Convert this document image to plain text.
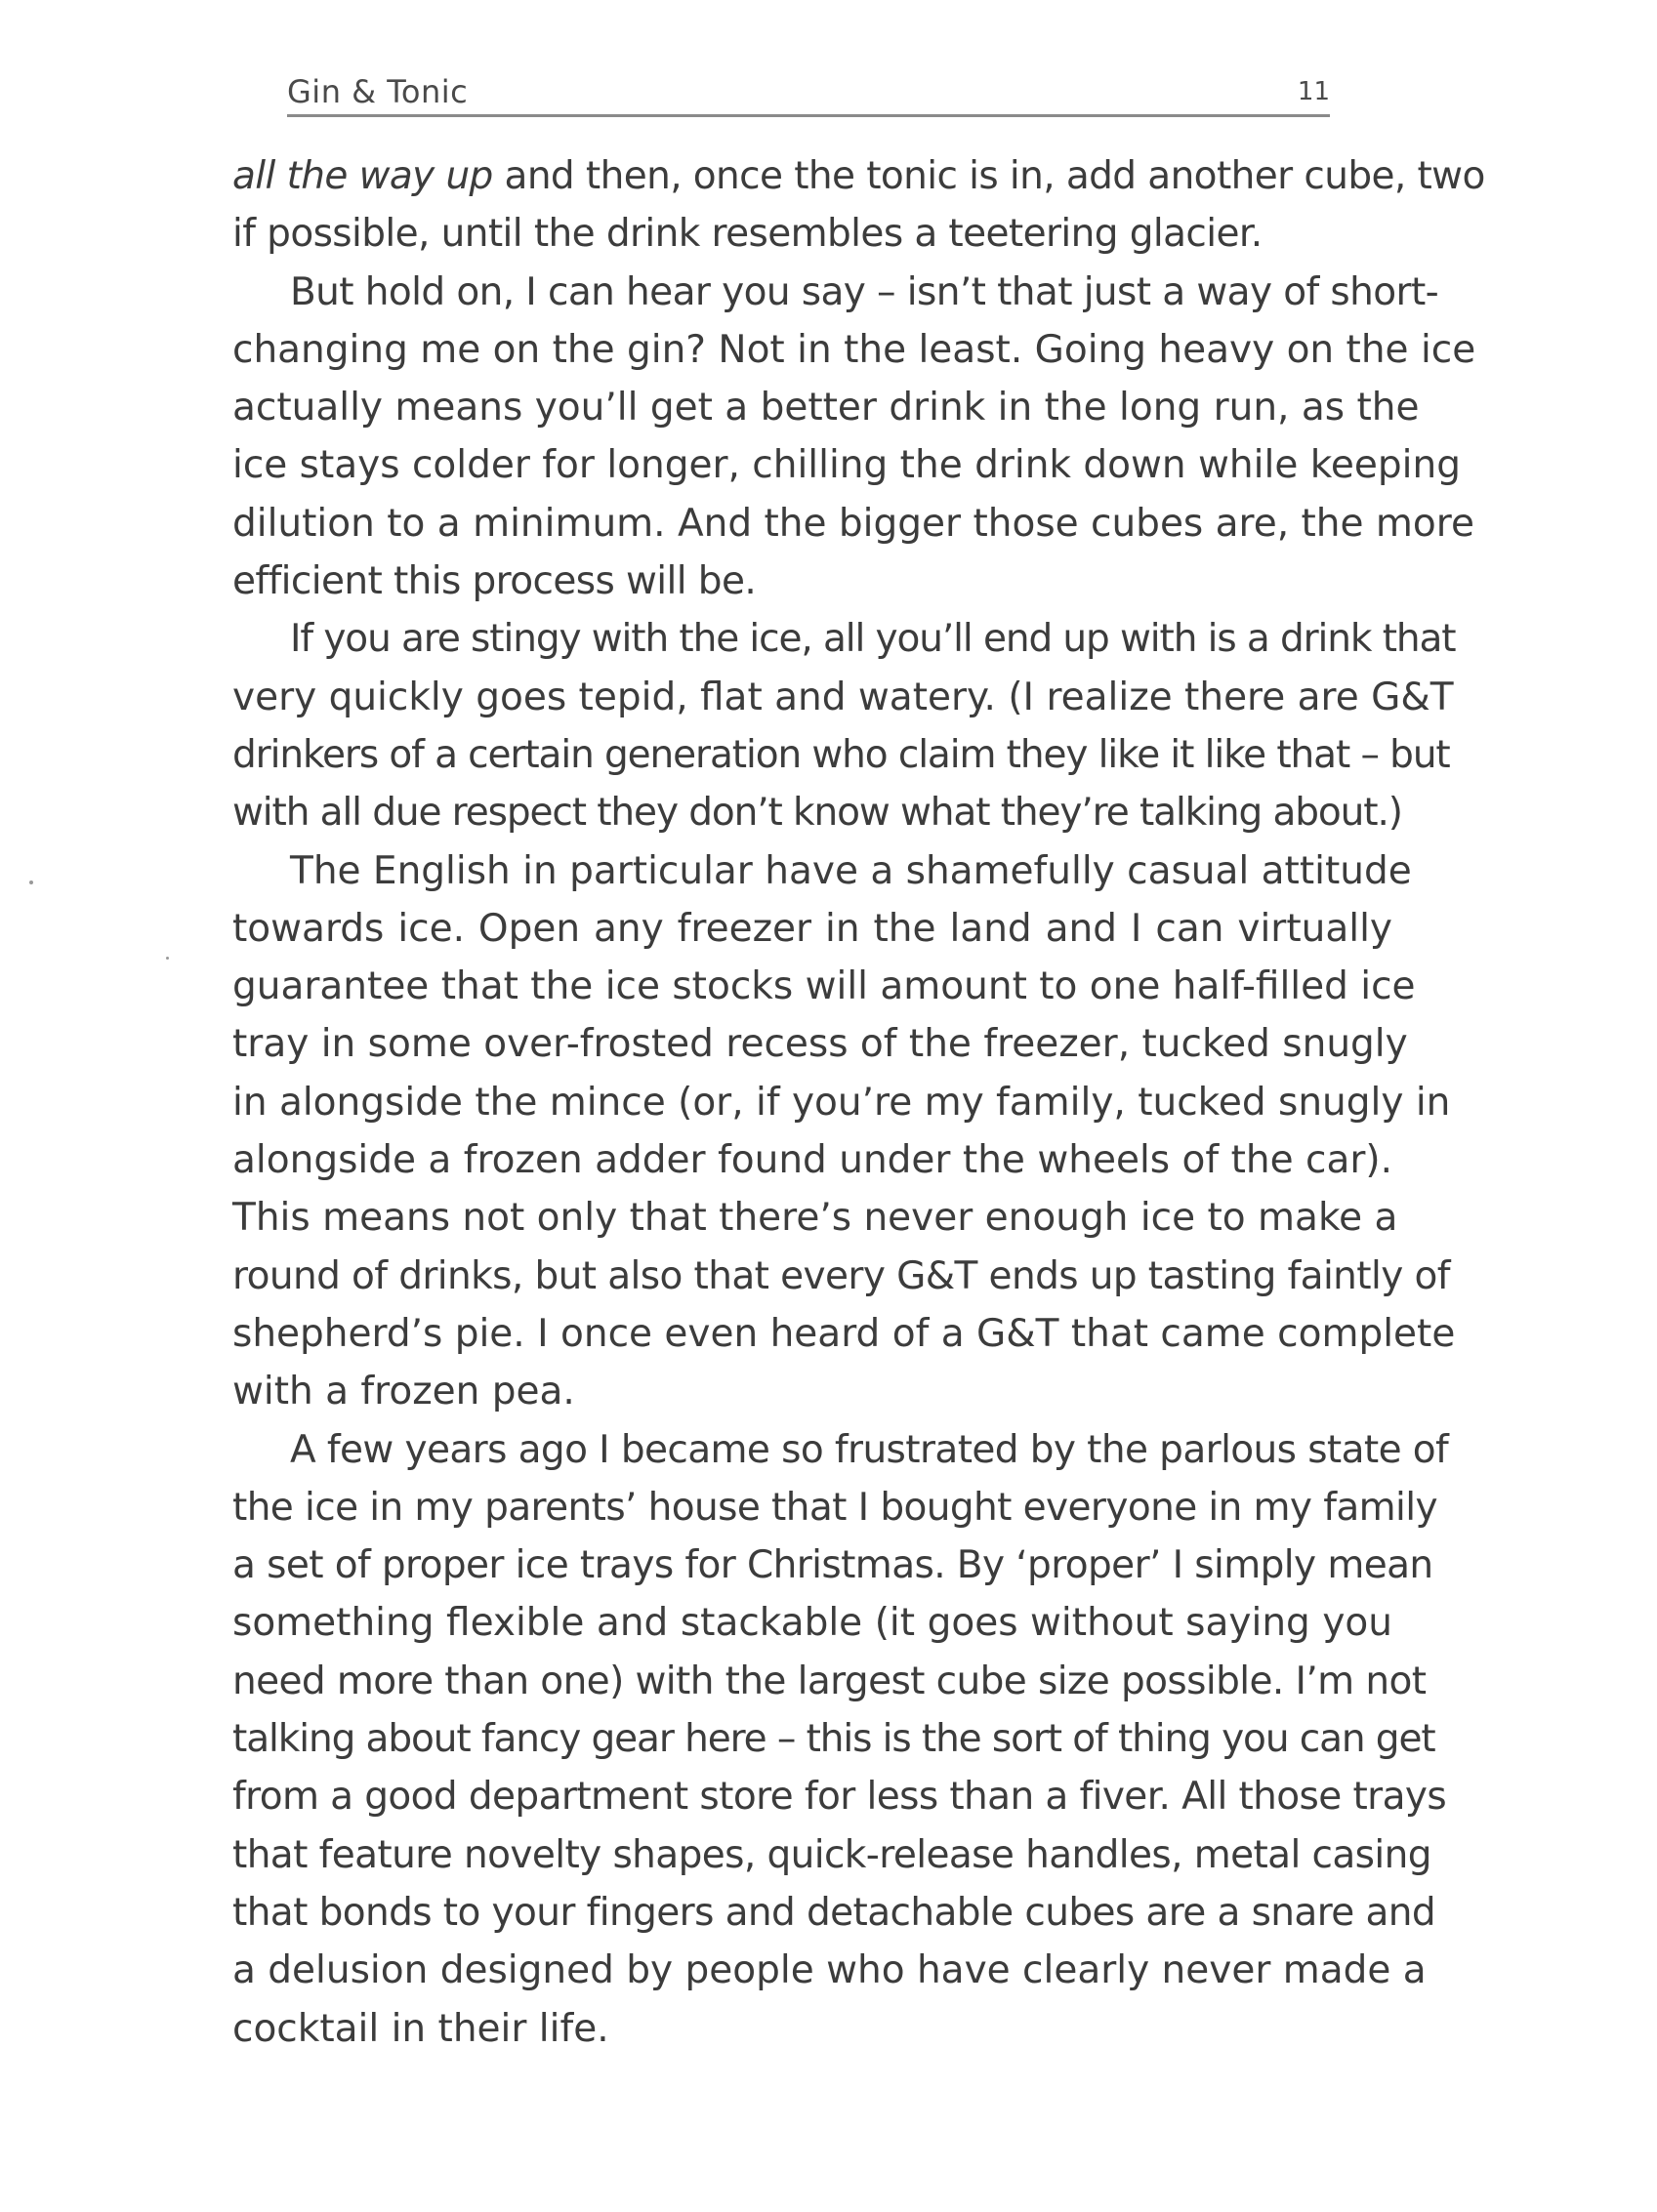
Gin & Tonic	11
all the way up and then, once the tonic is in, add another cube, two
if possible, until the drink resembles a teetering glacier.
But hold on, I can hear you say – isn’t that just a way of short-
changing me on the gin? Not in the least. Going heavy on the ice
actually means you’ll get a better drink in the long run, as the
ice stays colder for longer, chilling the drink down while keeping
dilution to a minimum. And the bigger those cubes are, the more
efficient this process will be.
If you are stingy with the ice, all you’ll end up with is a drink that
very quickly goes tepid, flat and watery. (I realize there are G&T
drinkers of a certain generation who claim they like it like that – but
with all due respect they don’t know what they’re talking about.)
The English in particular have a shamefully casual attitude
towards ice. Open any freezer in the land and I can virtually
guarantee that the ice stocks will amount to one half-filled ice
tray in some over-frosted recess of the freezer, tucked snugly
in alongside the mince (or, if you’re my family, tucked snugly in
alongside a frozen adder found under the wheels of the car).
This means not only that there’s never enough ice to make a
round of drinks, but also that every G&T ends up tasting faintly of
shepherd’s pie. I once even heard of a G&T that came complete
with a frozen pea.
A few years ago I became so frustrated by the parlous state of
the ice in my parents’ house that I bought everyone in my family
a set of proper ice trays for Christmas. By ‘proper’ I simply mean
something flexible and stackable (it goes without saying you
need more than one) with the largest cube size possible. I’m not
talking about fancy gear here – this is the sort of thing you can get
from a good department store for less than a fiver. All those trays
that feature novelty shapes, quick-release handles, metal casing
that bonds to your fingers and detachable cubes are a snare and
a delusion designed by people who have clearly never made a
cocktail in their life.
